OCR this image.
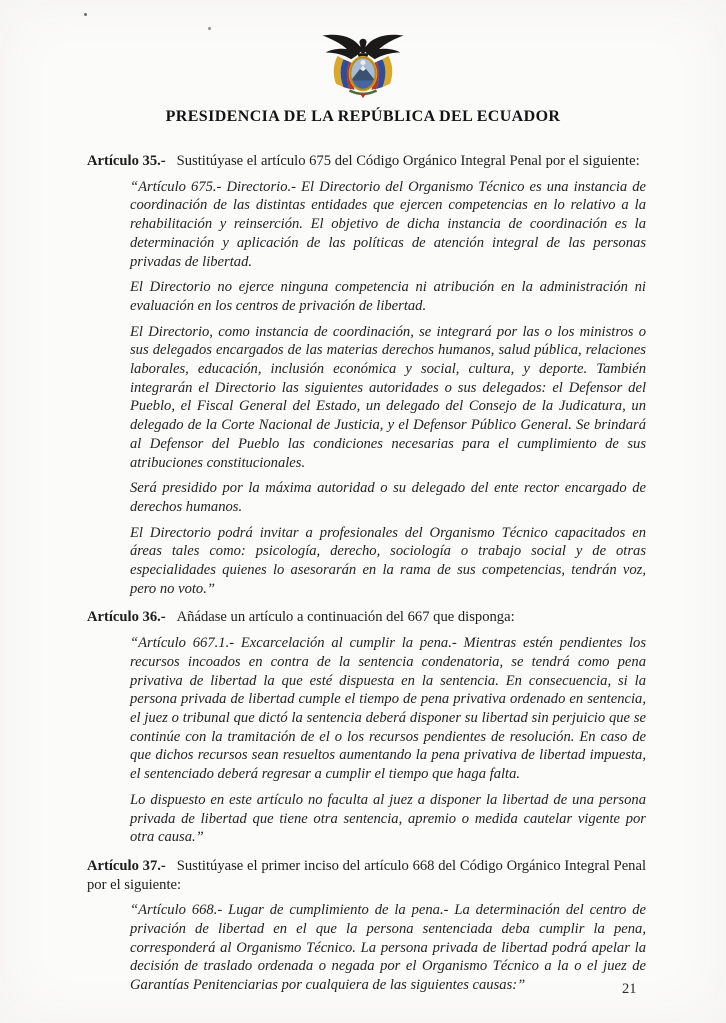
PRESIDENCIA DE LA REPÚBLICA DEL ECUADOR

Artículo 35.- Sustitúyase el artículo 675 del Código Orgánico Integral Penal por el siguiente:

“Artículo 675.- Directorio.- El Directorio del Organismo Técnico es una instancia de coordinación de las distintas entidades que ejercen competencias en lo relativo a la rehabilitación y reinserción. El objetivo de dicha instancia de coordinación es la determinación y aplicación de las políticas de atención integral de las personas privadas de libertad.

El Directorio no ejerce ninguna competencia ni atribución en la administración ni evaluación en los centros de privación de libertad.

El Directorio, como instancia de coordinación, se integrará por las o los ministros o sus delegados encargados de las materias derechos humanos, salud pública, relaciones laborales, educación, inclusión económica y social, cultura, y deporte. También integrarán el Directorio las siguientes autoridades o sus delegados: el Defensor del Pueblo, el Fiscal General del Estado, un delegado del Consejo de la Judicatura, un delegado de la Corte Nacional de Justicia, y el Defensor Público General. Se brindará al Defensor del Pueblo las condiciones necesarias para el cumplimiento de sus atribuciones constitucionales.

Será presidido por la máxima autoridad o su delegado del ente rector encargado de derechos humanos.

El Directorio podrá invitar a profesionales del Organismo Técnico capacitados en áreas tales como: psicología, derecho, sociología o trabajo social y de otras especialidades quienes lo asesorarán en la rama de sus competencias, tendrán voz, pero no voto.”

Artículo 36.- Añádase un artículo a continuación del 667 que disponga:

“Artículo 667.1.- Excarcelación al cumplir la pena.- Mientras estén pendientes los recursos incoados en contra de la sentencia condenatoria, se tendrá como pena privativa de libertad la que esté dispuesta en la sentencia. En consecuencia, si la persona privada de libertad cumple el tiempo de pena privativa ordenado en sentencia, el juez o tribunal que dictó la sentencia deberá disponer su libertad sin perjuicio que se continúe con la tramitación de el o los recursos pendientes de resolución. En caso de que dichos recursos sean resueltos aumentando la pena privativa de libertad impuesta, el sentenciado deberá regresar a cumplir el tiempo que haga falta.

Lo dispuesto en este artículo no faculta al juez a disponer la libertad de una persona privada de libertad que tiene otra sentencia, apremio o medida cautelar vigente por otra causa.”

Artículo 37.- Sustitúyase el primer inciso del artículo 668 del Código Orgánico Integral Penal por el siguiente:

“Artículo 668.- Lugar de cumplimiento de la pena.- La determinación del centro de privación de libertad en el que la persona sentenciada deba cumplir la pena, corresponderá al Organismo Técnico. La persona privada de libertad podrá apelar la decisión de traslado ordenada o negada por el Organismo Técnico a la o el juez de Garantías Penitenciarias por cualquiera de las siguientes causas:”	21
